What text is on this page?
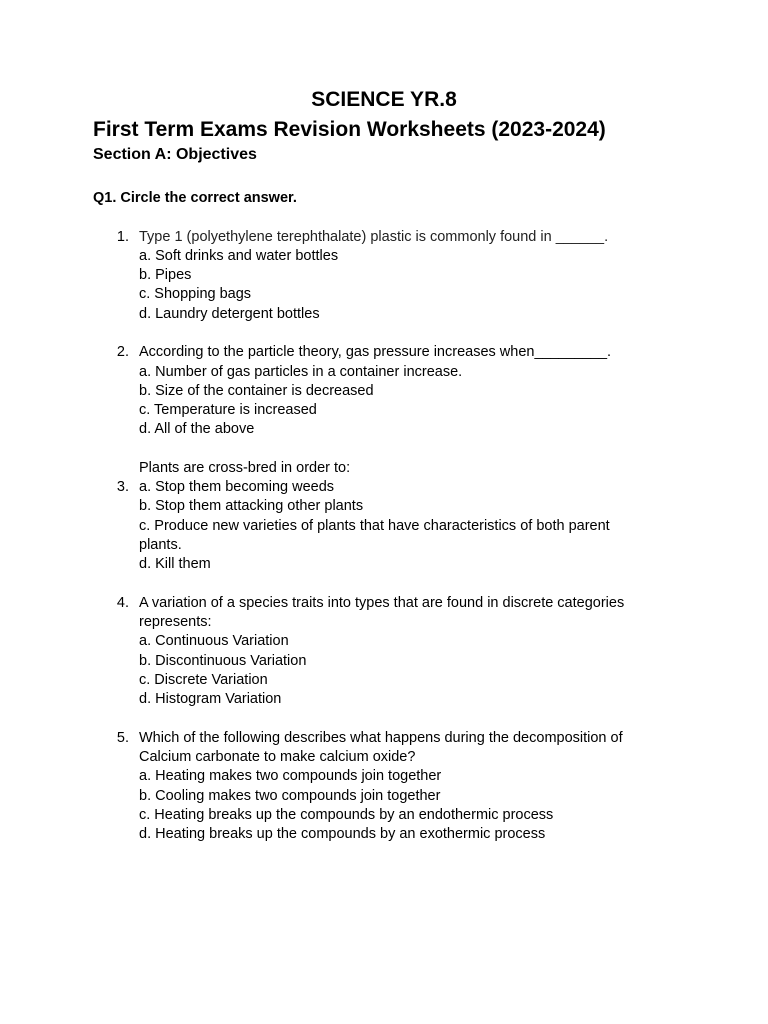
SCIENCE YR.8
First Term Exams Revision Worksheets (2023-2024)
Section A: Objectives

Q1. Circle the correct answer.

1. Type 1 (polyethylene terephthalate) plastic is commonly found in ______.
a. Soft drinks and water bottles
b. Pipes
c. Shopping bags
d. Laundry detergent bottles
2. According to the particle theory, gas pressure increases when_________.
a. Number of gas particles in a container increase.
b. Size of the container is decreased
c. Temperature is increased
d. All of the above
Plants are cross-bred in order to:
3. a. Stop them becoming weeds
b. Stop them attacking other plants
c. Produce new varieties of plants that have characteristics of both parent
plants.
d. Kill them
4. A variation of a species traits into types that are found in discrete categories
represents:
a. Continuous Variation
b. Discontinuous Variation
c. Discrete Variation
d. Histogram Variation
5. Which of the following describes what happens during the decomposition of
Calcium carbonate to make calcium oxide?
a. Heating makes two compounds join together
b. Cooling makes two compounds join together
c. Heating breaks up the compounds by an endothermic process
d. Heating breaks up the compounds by an exothermic process
